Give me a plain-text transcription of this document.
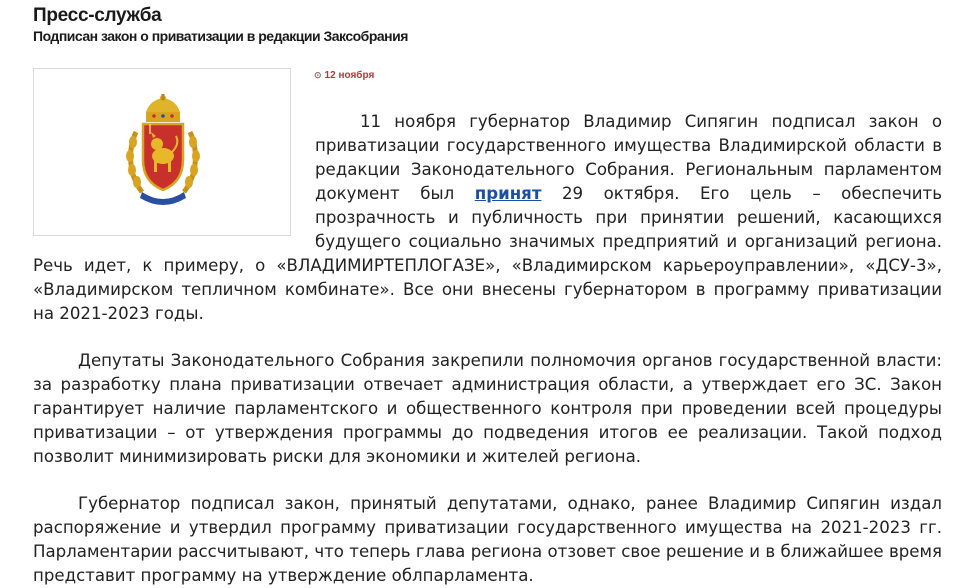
Пресс-служба
Подписан закон о приватизации в редакции Заксобрания
⊙ 12 ноября

11 ноября губернатор Владимир Сипягин подписал закон о приватизации государственного имущества Владимирской области в редакции Законодательного Собрания. Региональным парламентом документ был принят 29 октября. Его цель – обеспечить прозрачность и публичность при принятии решений, касающихся будущего социально значимых предприятий и организаций региона. Речь идет, к примеру, о «ВЛАДИМИРТЕПЛОГАЗЕ», «Владимирском карьероуправлении», «ДСУ-3», «Владимирском тепличном комбинате». Все они внесены губернатором в программу приватизации на 2021-2023 годы.

Депутаты Законодательного Собрания закрепили полномочия органов государственной власти: за разработку плана приватизации отвечает администрация области, а утверждает его ЗС. Закон гарантирует наличие парламентского и общественного контроля при проведении всей процедуры приватизации – от утверждения программы до подведения итогов ее реализации. Такой подход позволит минимизировать риски для экономики и жителей региона.

Губернатор подписал закон, принятый депутатами, однако, ранее Владимир Сипягин издал распоряжение и утвердил программу приватизации государственного имущества на 2021-2023 гг. Парламентарии рассчитывают, что теперь глава региона отзовет свое решение и в ближайшее время представит программу на утверждение облпарламента.
